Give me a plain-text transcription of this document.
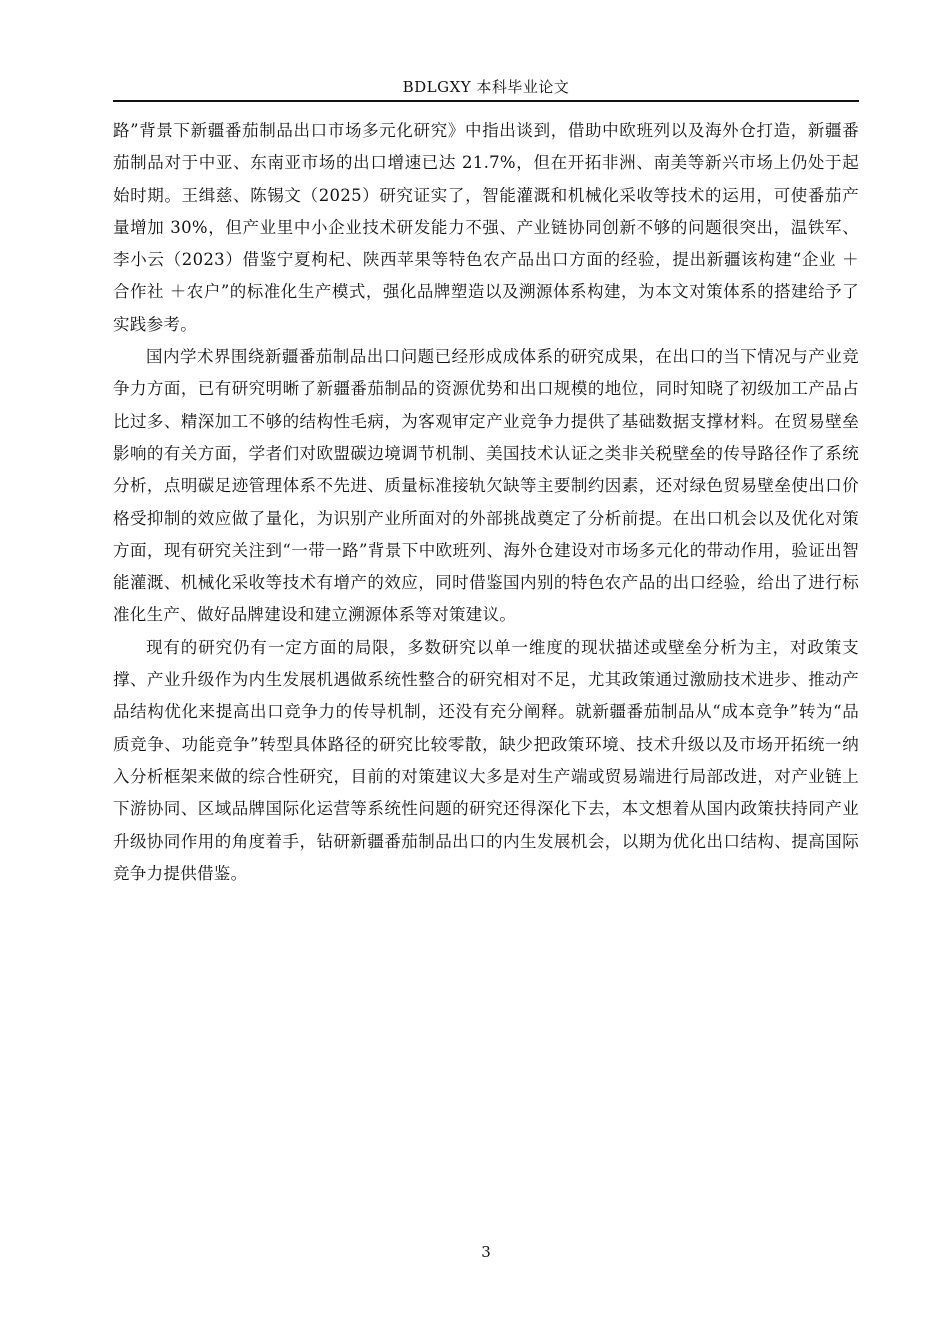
BDLGXY 本科毕业论文

路”背景下新疆番茄制品出口市场多元化研究》中指出谈到，借助中欧班列以及海外仓打造，新疆番茄制品对于中亚、东南亚市场的出口增速已达 21.7%，但在开拓非洲、南美等新兴市场上仍处于起始时期。王缉慈、陈锡文（2025）研究证实了，智能灌溉和机械化采收等技术的运用，可使番茄产量增加 30%，但产业里中小企业技术研发能力不强、产业链协同创新不够的问题很突出，温铁军、李小云（2023）借鉴宁夏枸杞、陕西苹果等特色农产品出口方面的经验，提出新疆该构建“企业 ＋合作社 ＋农户”的标准化生产模式，强化品牌塑造以及溯源体系构建，为本文对策体系的搭建给予了实践参考。

国内学术界围绕新疆番茄制品出口问题已经形成成体系的研究成果，在出口的当下情况与产业竞争力方面，已有研究明晰了新疆番茄制品的资源优势和出口规模的地位，同时知晓了初级加工产品占比过多、精深加工不够的结构性毛病，为客观审定产业竞争力提供了基础数据支撑材料。在贸易壁垒影响的有关方面，学者们对欧盟碳边境调节机制、美国技术认证之类非关税壁垒的传导路径作了系统分析，点明碳足迹管理体系不先进、质量标准接轨欠缺等主要制约因素，还对绿色贸易壁垒使出口价格受抑制的效应做了量化，为识别产业所面对的外部挑战奠定了分析前提。在出口机会以及优化对策方面，现有研究关注到“一带一路”背景下中欧班列、海外仓建设对市场多元化的带动作用，验证出智能灌溉、机械化采收等技术有增产的效应，同时借鉴国内别的特色农产品的出口经验，给出了进行标准化生产、做好品牌建设和建立溯源体系等对策建议。

现有的研究仍有一定方面的局限，多数研究以单一维度的现状描述或壁垒分析为主，对政策支撑、产业升级作为内生发展机遇做系统性整合的研究相对不足，尤其政策通过激励技术进步、推动产品结构优化来提高出口竞争力的传导机制，还没有充分阐释。就新疆番茄制品从“成本竞争”转为“品质竞争、功能竞争”转型具体路径的研究比较零散，缺少把政策环境、技术升级以及市场开拓统一纳入分析框架来做的综合性研究，目前的对策建议大多是对生产端或贸易端进行局部改进，对产业链上下游协同、区域品牌国际化运营等系统性问题的研究还得深化下去，本文想着从国内政策扶持同产业升级协同作用的角度着手，钻研新疆番茄制品出口的内生发展机会，以期为优化出口结构、提高国际竞争力提供借鉴。

3
